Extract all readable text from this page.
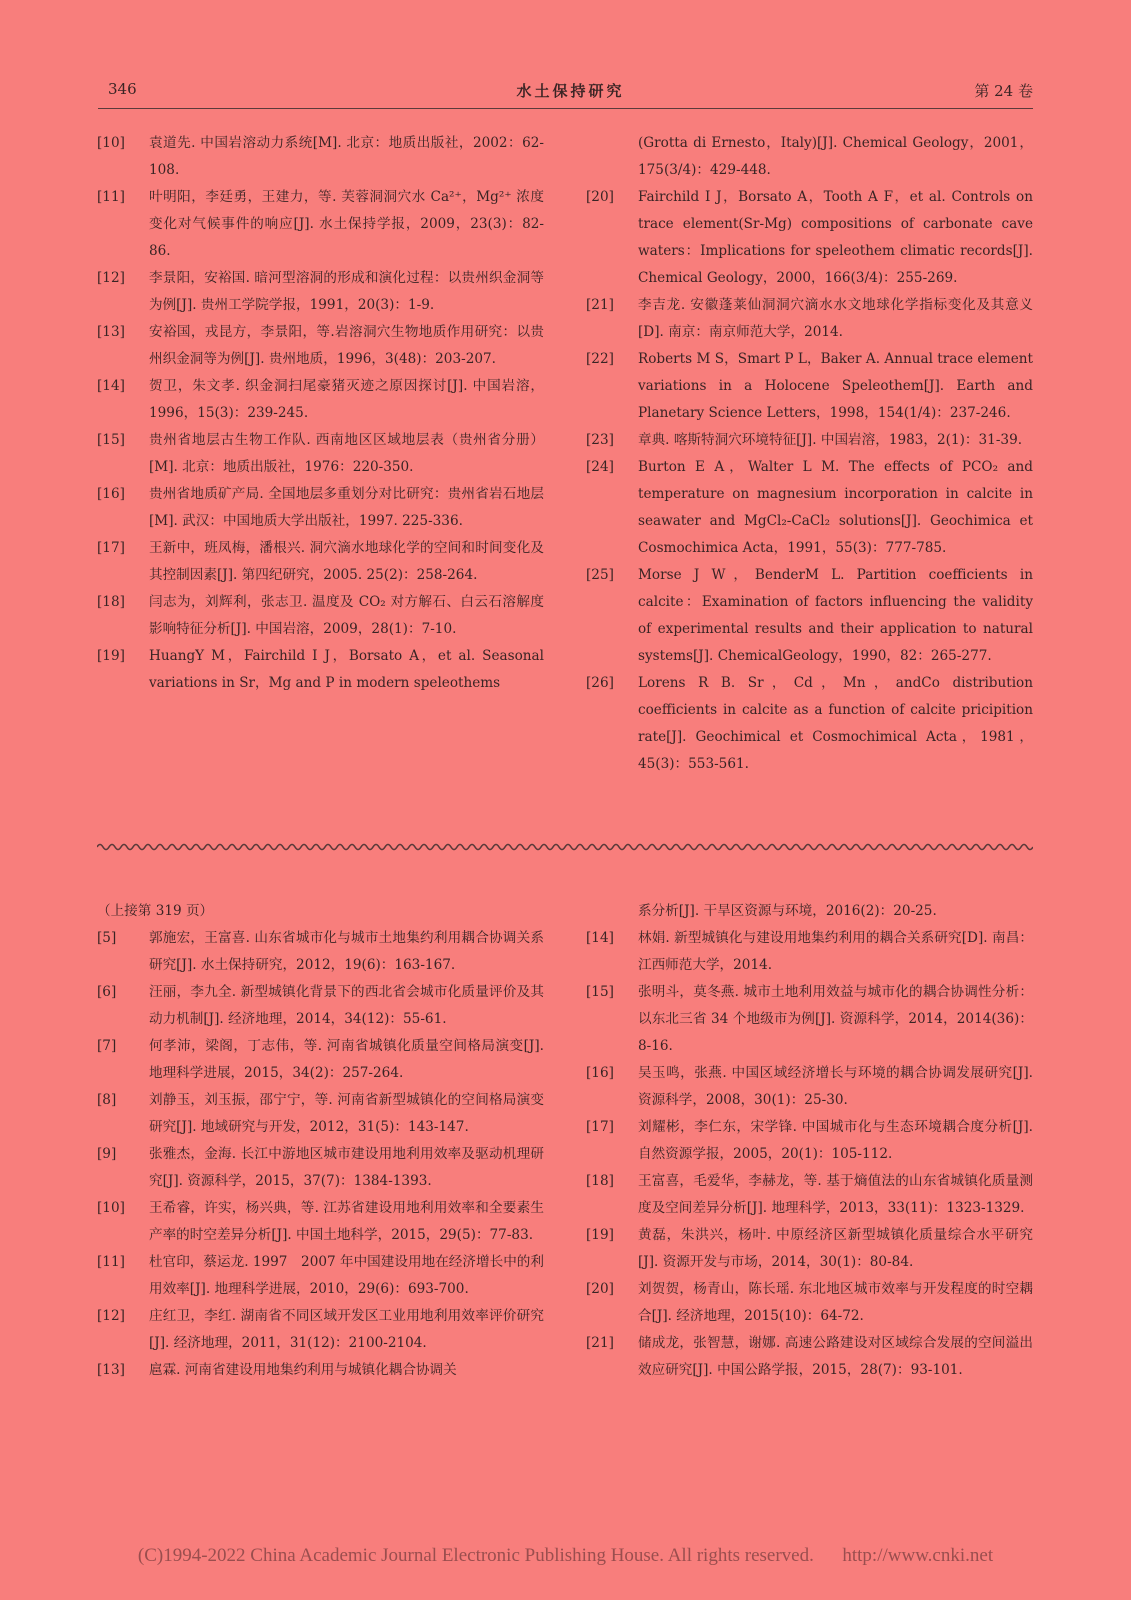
346	水土保持研究	第 24 卷
[10] 袁道先. 中国岩溶动力系统[M]. 北京：地质出版社，2002：62-108.
[11] 叶明阳，李廷勇，王建力，等. 芙蓉洞洞穴水 Ca²⁺，Mg²⁺ 浓度变化对气候事件的响应[J]. 水土保持学报，2009，23(3)：82-86.
[12] 李景阳，安裕国. 暗河型溶洞的形成和演化过程：以贵州织金洞等为例[J]. 贵州工学院学报，1991，20(3)：1-9.
[13] 安裕国，戎昆方，李景阳，等.岩溶洞穴生物地质作用研究：以贵州织金洞等为例[J]. 贵州地质，1996，3(48)：203-207.
[14] 贺卫，朱文孝. 织金洞扫尾豪猪灭迹之原因探讨[J]. 中国岩溶，1996，15(3)：239-245.
[15] 贵州省地层古生物工作队. 西南地区区域地层表（贵州省分册）[M]. 北京：地质出版社，1976：220-350.
[16] 贵州省地质矿产局. 全国地层多重划分对比研究：贵州省岩石地层[M]. 武汉：中国地质大学出版社，1997. 225-336.
[17] 王新中，班凤梅，潘根兴. 洞穴滴水地球化学的空间和时间变化及其控制因素[J]. 第四纪研究，2005. 25(2)：258-264.
[18] 闫志为，刘辉利，张志卫. 温度及 CO₂ 对方解石、白云石溶解度影响特征分析[J]. 中国岩溶，2009，28(1)：7-10.
[19] HuangY M，Fairchild I J，Borsato A，et al. Seasonal variations in Sr，Mg and P in modern speleothems
(Grotta di Ernesto，Italy)[J]. Chemical Geology，2001，175(3/4)：429-448.
[20] Fairchild I J，Borsato A，Tooth A F，et al. Controls on trace element(Sr-Mg) compositions of carbonate cave waters：Implications for speleothem climatic records[J]. Chemical Geology，2000，166(3/4)：255-269.
[21] 李吉龙. 安徽蓬莱仙洞洞穴滴水水文地球化学指标变化及其意义[D]. 南京：南京师范大学，2014.
[22] Roberts M S，Smart P L，Baker A. Annual trace element variations in a Holocene Speleothem[J]. Earth and Planetary Science Letters，1998，154(1/4)：237-246.
[23] 章典. 喀斯特洞穴环境特征[J]. 中国岩溶，1983，2(1)：31-39.
[24] Burton E A，Walter L M. The effects of PCO₂ and temperature on magnesium incorporation in calcite in seawater and MgCl₂-CaCl₂ solutions[J]. Geochimica et Cosmochimica Acta，1991，55(3)：777-785.
[25] Morse J W，BenderM L. Partition coefficients in calcite：Examination of factors influencing the validity of experimental results and their application to natural systems[J]. ChemicalGeology，1990，82：265-277.
[26] Lorens R B. Sr，Cd，Mn，andCo distribution coefficients in calcite as a function of calcite pricipition rate[J]. Geochimical et Cosmochimical Acta，1981，45(3)：553-561.
（上接第 319 页）
[5] 郭施宏，王富喜. 山东省城市化与城市土地集约利用耦合协调关系研究[J]. 水土保持研究，2012，19(6)：163-167.
[6] 汪丽，李九全. 新型城镇化背景下的西北省会城市化质量评价及其动力机制[J]. 经济地理，2014，34(12)：55-61.
[7] 何孝沛，梁阁，丁志伟，等. 河南省城镇化质量空间格局演变[J]. 地理科学进展，2015，34(2)：257-264.
[8] 刘静玉，刘玉振，邵宁宁，等. 河南省新型城镇化的空间格局演变研究[J]. 地域研究与开发，2012，31(5)：143-147.
[9] 张雅杰，金海. 长江中游地区城市建设用地利用效率及驱动机理研究[J]. 资源科学，2015，37(7)：1384-1393.
[10] 王希睿，许实，杨兴典，等. 江苏省建设用地利用效率和全要素生产率的时空差异分析[J]. 中国土地科学，2015，29(5)：77-83.
[11] 杜官印，蔡运龙. 1997　2007 年中国建设用地在经济增长中的利用效率[J]. 地理科学进展，2010，29(6)：693-700.
[12] 庄红卫，李红. 湖南省不同区域开发区工业用地利用效率评价研究[J]. 经济地理，2011，31(12)：2100-2104.
[13] 扈霖. 河南省建设用地集约利用与城镇化耦合协调关
系分析[J]. 干旱区资源与环境，2016(2)：20-25.
[14] 林娟. 新型城镇化与建设用地集约利用的耦合关系研究[D]. 南昌：江西师范大学，2014.
[15] 张明斗，莫冬燕. 城市土地利用效益与城市化的耦合协调性分析：以东北三省 34 个地级市为例[J]. 资源科学，2014，2014(36)：8-16.
[16] 吴玉鸣，张燕. 中国区域经济增长与环境的耦合协调发展研究[J]. 资源科学，2008，30(1)：25-30.
[17] 刘耀彬，李仁东，宋学锋. 中国城市化与生态环境耦合度分析[J]. 自然资源学报，2005，20(1)：105-112.
[18] 王富喜，毛爱华，李赫龙，等. 基于熵值法的山东省城镇化质量测度及空间差异分析[J]. 地理科学，2013，33(11)：1323-1329.
[19] 黄磊，朱洪兴，杨叶. 中原经济区新型城镇化质量综合水平研究[J]. 资源开发与市场，2014，30(1)：80-84.
[20] 刘贺贺，杨青山，陈长瑶. 东北地区城市效率与开发程度的时空耦合[J]. 经济地理，2015(10)：64-72.
[21] 储成龙，张智慧，谢娜. 高速公路建设对区域综合发展的空间溢出效应研究[J]. 中国公路学报，2015，28(7)：93-101.
(C)1994-2022 China Academic Journal Electronic Publishing House. All rights reserved.   http://www.cnki.net
